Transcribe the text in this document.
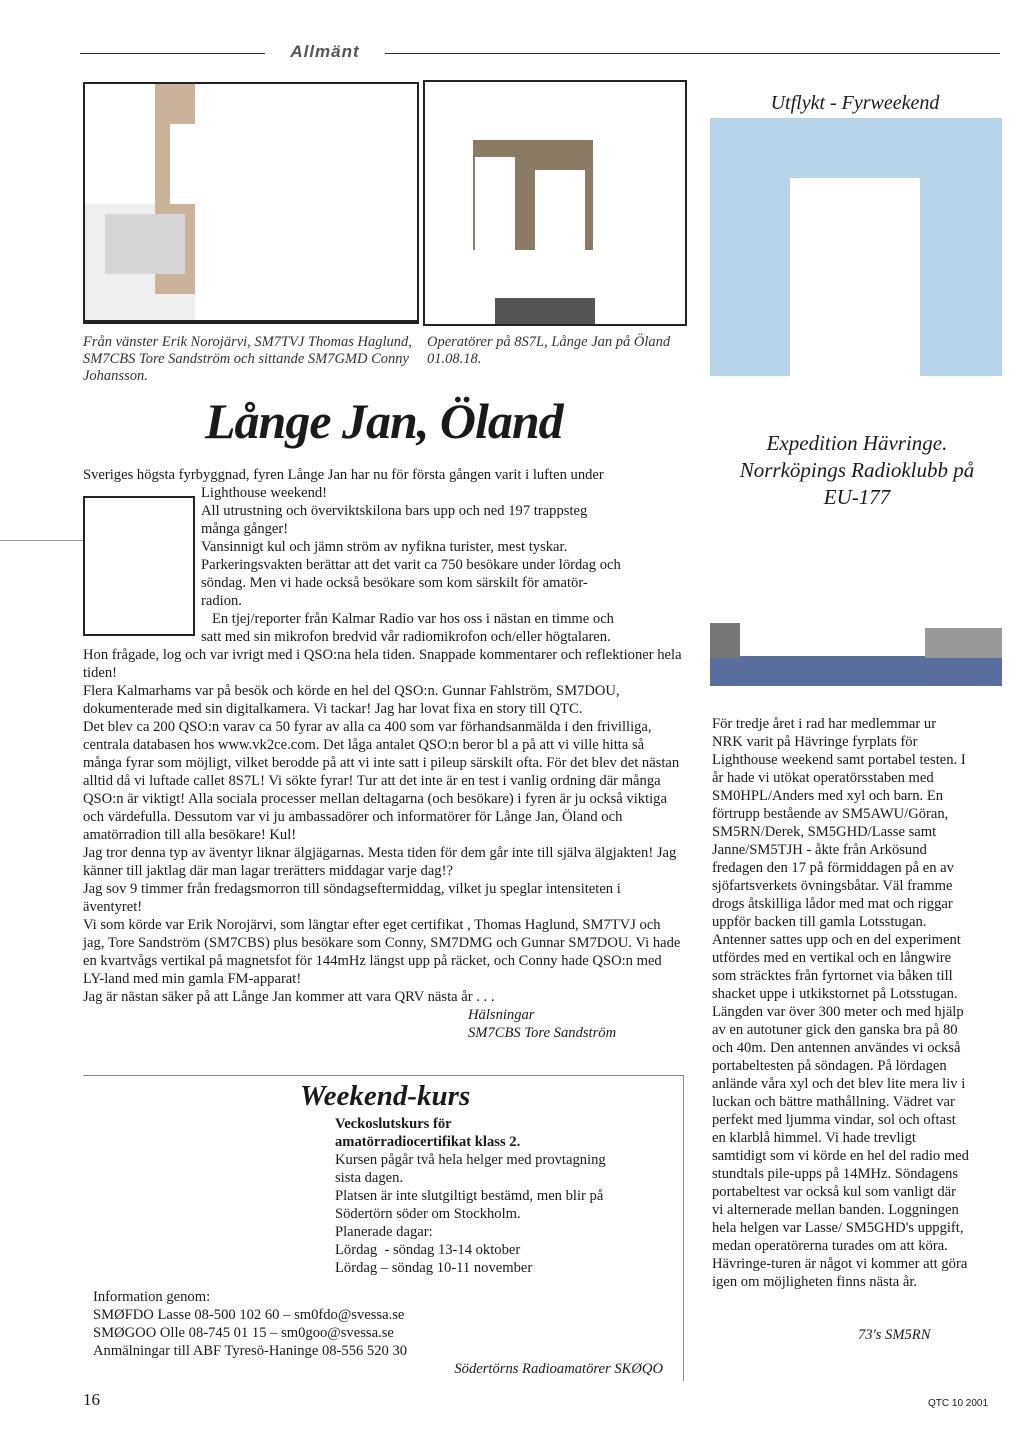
Allmänt
Från vänster Erik Norojärvi, SM7TVJ Thomas Haglund, SM7CBS Tore Sandström och sittande SM7GMD Conny Johansson.
Operatörer på 8S7L, Långe Jan på Öland 01.08.18.
Långe Jan, Öland

Sveriges högsta fyrbyggnad, fyren Långe Jan har nu för första gången varit i luften under

Lighthouse weekend!

All utrustning och överviktskilona bars upp och ned 197 trappsteg

många gånger!

Vansinnigt kul och jämn ström av nyfikna turister, mest tyskar.

Parkeringsvakten berättar att det varit ca 750 besökare under lördag och

söndag. Men vi hade också besökare som kom särskilt för amatör-

radion.

En tjej/reporter från Kalmar Radio var hos oss i nästan en timme och

satt med sin mikrofon bredvid vår radiomikrofon och/eller högtalaren.

Hon frågade, log och var ivrigt med i QSO:na hela tiden. Snappade kommentarer och reflektioner hela tiden!

Flera Kalmarhams var på besök och körde en hel del QSO:n. Gunnar Fahlström, SM7DOU, dokumenterade med sin digitalkamera. Vi tackar! Jag har lovat fixa en story till QTC.

Det blev ca 200 QSO:n varav ca 50 fyrar av alla ca 400 som var förhandsanmälda i den frivilliga, centrala databasen hos www.vk2ce.com. Det låga antalet QSO:n beror bl a på att vi ville hitta så många fyrar som möjligt, vilket berodde på att vi inte satt i pileup särskilt ofta. För det blev det nästan alltid då vi luftade callet 8S7L! Vi sökte fyrar! Tur att det inte är en test i vanlig ordning där många QSO:n är viktigt! Alla sociala processer mellan deltagarna (och besökare) i fyren är ju också viktiga och värdefulla. Dessutom var vi ju ambassadörer och informatörer för Långe Jan, Öland och amatörradion till alla besökare! Kul!

Jag tror denna typ av äventyr liknar älgjägarnas. Mesta tiden för dem går inte till själva älgjakten! Jag känner till jaktlag där man lagar trerätters middagar varje dag!?

Jag sov 9 timmer från fredagsmorron till söndagseftermiddag, vilket ju speglar intensiteten i äventyret!

Vi som körde var Erik Norojärvi, som längtar efter eget certifikat , Thomas Haglund, SM7TVJ och jag, Tore Sandström (SM7CBS) plus besökare som Conny, SM7DMG och Gunnar SM7DOU. Vi hade en kvartvågs vertikal på magnetsfot för 144mHz längst upp på räcket, och Conny hade QSO:n med LY-land med min gamla FM-apparat!

Jag är nästan säker på att Långe Jan kommer att vara QRV nästa år . . .

Hälsningar

SM7CBS Tore Sandström

Utflykt - Fyrweekend
Expedition Hävringe.
Norrköpings Radioklubb på
EU-177
För tredje året i rad har medlemmar ur NRK varit på Hävringe fyrplats för Lighthouse weekend samt portabel testen. I år hade vi utökat operatörsstaben med SM0HPL/Anders med xyl och barn. En förtrupp bestående av SM5AWU/Göran, SM5RN/Derek, SM5GHD/Lasse samt Janne/SM5TJH - åkte från Arkösund fredagen den 17 på förmiddagen på en av sjöfartsverkets övningsbåtar. Väl framme drogs åtskilliga lådor med mat och riggar uppför backen till gamla Lotsstugan. Antenner sattes upp och en del experiment utfördes med en vertikal och en långwire som sträcktes från fyrtornet via båken till shacket uppe i utkikstornet på Lotsstugan. Längden var över 300 meter och med hjälp av en autotuner gick den ganska bra på 80 och 40m. Den antennen användes vi också portabeltesten på söndagen. På lördagen anlände våra xyl och det blev lite mera liv i luckan och bättre mathållning. Vädret var perfekt med ljumma vindar, sol och oftast en klarblå himmel. Vi hade trevligt samtidigt som vi körde en hel del radio med stundtals pile-upps på 14MHz. Söndagens portabeltest var också kul som vanligt där vi alternerade mellan banden. Loggningen hela helgen var Lasse/ SM5GHD's uppgift, medan operatörerna turades om att köra. Hävringe-turen är något vi kommer att göra igen om möjligheten finns nästa år.
73's SM5RN
Weekend-kurs

Veckoslutskurs för

amatörradiocertifikat klass 2.

Kursen pågår två hela helger med provtagning

sista dagen.

Platsen är inte slutgiltigt bestämd, men blir på

Södertörn söder om Stockholm.

Planerade dagar:

Lördag  - söndag 13-14 oktober

Lördag – söndag 10-11 november

Information genom:

SMØFDO Lasse 08-500 102 60 – sm0fdo@svessa.se

SMØGOO Olle 08-745 01 15 – sm0goo@svessa.se

Anmälningar till ABF Tyresö-Haninge 08-556 520 30

Södertörns Radioamatörer SKØQO

16	QTC 10 2001
